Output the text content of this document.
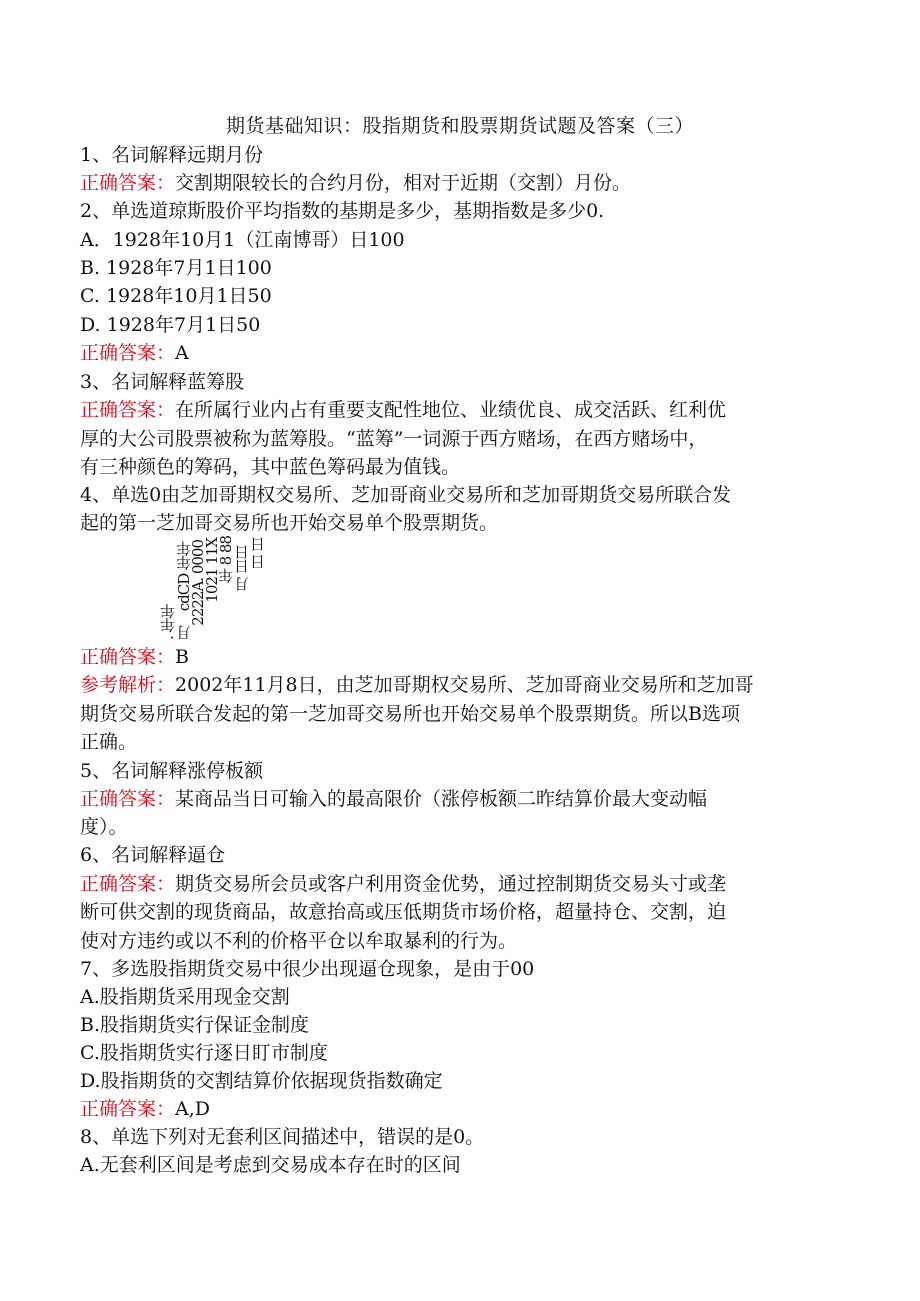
期货基础知识：股指期货和股票期货试题及答案（三）
1、名词解释远期月份
正确答案：交割期限较长的合约月份，相对于近期（交割）月份。
2、单选道琼斯股价平均指数的基期是多少，基期指数是多少0.
A．1928年10月1（江南博哥）日100
B. 1928年7月1日100
C. 1928年10月1日50
D. 1928年7月1日50
正确答案：A
3、名词解释蓝筹股
正确答案：在所属行业内占有重要支配性地位、业绩优良、成交活跃、红利优
厚的大公司股票被称为蓝筹股。“蓝筹”一词源于西方赌场，在西方赌场中，
有三种颜色的筹码，其中蓝色筹码最为值钱。
4、单选0由芝加哥期权交易所、芝加哥商业交易所和芝加哥期货交易所联合发
起的第一芝加哥交易所也开始交易单个股票期货。
. 年年月
cdCD 年年
2222A. 0000
1021 11X
年 8 88
月 日日
日 日
正确答案：B
参考解析：2002年11月8日，由芝加哥期权交易所、芝加哥商业交易所和芝加哥
期货交易所联合发起的第一芝加哥交易所也开始交易单个股票期货。所以B选项
正确。
5、名词解释涨停板额
正确答案：某商品当日可输入的最高限价（涨停板额二昨结算价最大变动幅
度）。
6、名词解释逼仓
正确答案：期货交易所会员或客户利用资金优势，通过控制期货交易头寸或垄
断可供交割的现货商品，故意抬高或压低期货市场价格，超量持仓、交割，迫
使对方违约或以不利的价格平仓以牟取暴利的行为。
7、多选股指期货交易中很少出现逼仓现象，是由于00
A.股指期货采用现金交割
B.股指期货实行保证金制度
C.股指期货实行逐日盯市制度
D.股指期货的交割结算价依据现货指数确定
正确答案：A,D
8、单选下列对无套利区间描述中，错误的是0。
A.无套利区间是考虑到交易成本存在时的区间
